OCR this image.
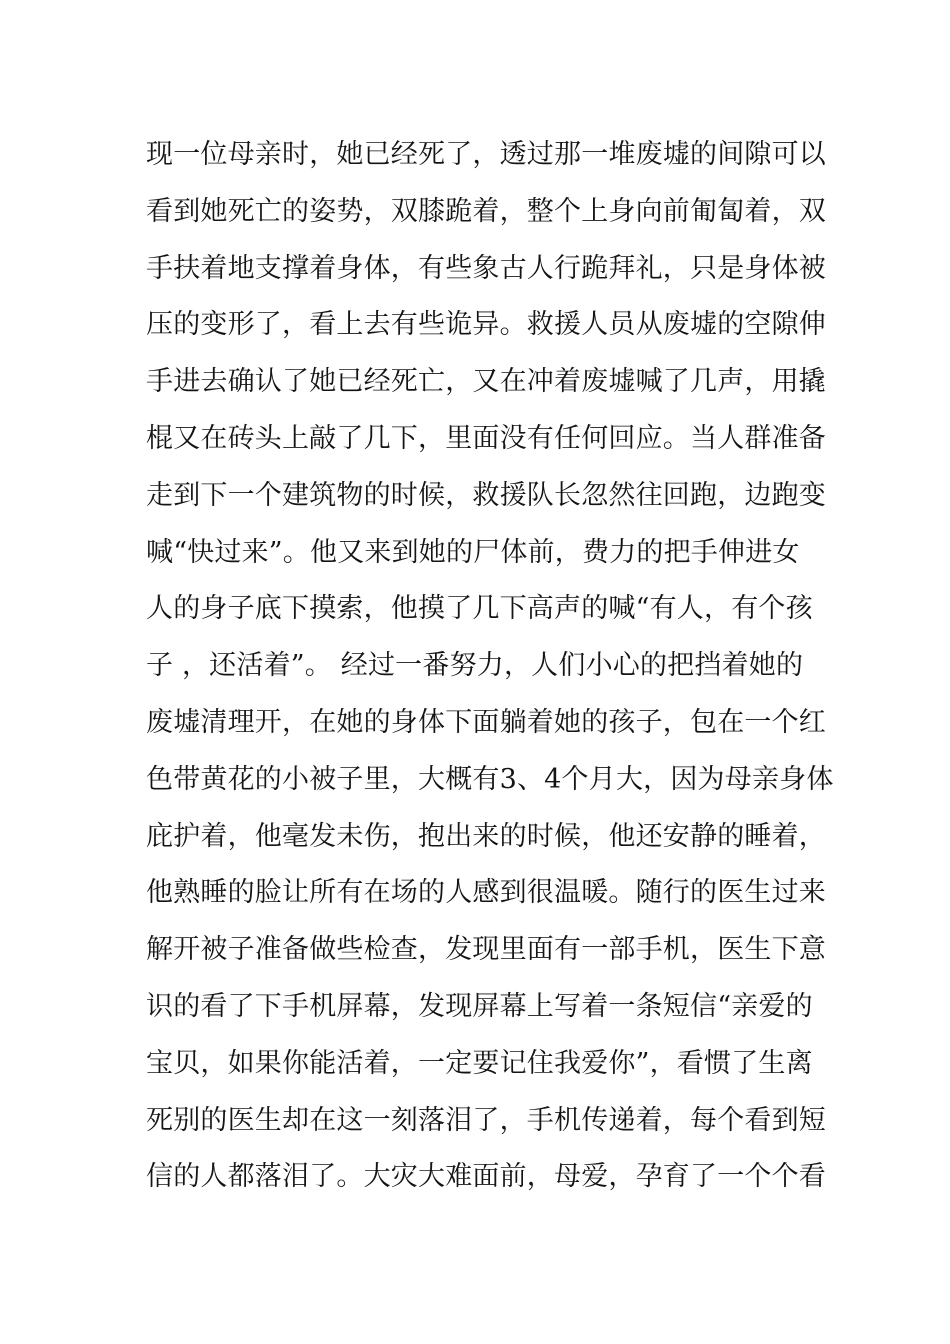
现一位母亲时，她已经死了，透过那一堆废墟的间隙可以
看到她死亡的姿势，双膝跪着，整个上身向前匍匐着，双
手扶着地支撑着身体，有些象古人行跪拜礼，只是身体被
压的变形了，看上去有些诡异。救援人员从废墟的空隙伸
手进去确认了她已经死亡，又在冲着废墟喊了几声，用撬
棍又在砖头上敲了几下，里面没有任何回应。当人群准备
走到下一个建筑物的时候，救援队长忽然往回跑，边跑变
喊“快过来”。他又来到她的尸体前，费力的把手伸进女
人的身子底下摸索，他摸了几下高声的喊“有人，有个孩
子 ，还活着”。 经过一番努力，人们小心的把挡着她的
废墟清理开，在她的身体下面躺着她的孩子，包在一个红
色带黄花的小被子里，大概有3、4个月大，因为母亲身体
庇护着，他毫发未伤，抱出来的时候，他还安静的睡着，
他熟睡的脸让所有在场的人感到很温暖。随行的医生过来
解开被子准备做些检查，发现里面有一部手机，医生下意
识的看了下手机屏幕，发现屏幕上写着一条短信“亲爱的
宝贝，如果你能活着，一定要记住我爱你”，看惯了生离
死别的医生却在这一刻落泪了，手机传递着，每个看到短
信的人都落泪了。大灾大难面前，母爱，孕育了一个个看
